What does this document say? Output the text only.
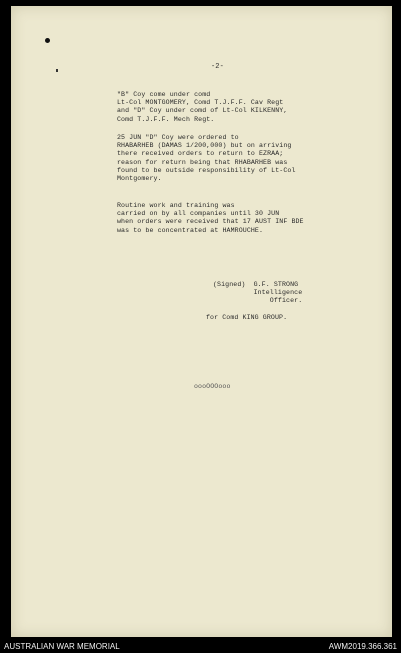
-2-
"B" Coy come under comd
Lt-Col MONTGOMERY, Comd T.J.F.F. Cav Regt
and "D" Coy under comd of Lt-Col KILKENNY,
Comd T.J.F.F. Mech Regt.
25 JUN "D" Coy were ordered to
RHABARHEB (DAMAS 1/200,000) but on arriving
there received orders to return to EZRAA;
reason for return being that RHABARHEB was
found to be outside responsibility of Lt-Col
Montgomery.
Routine work and training was
carried on by all companies until 30 JUN
when orders were received that 17 AUST INF BDE
was to be concentrated at HAMROUCHE.
(Signed)  G.F. STRONG
Intelligence
Officer.
for Comd KING GROUP.
oooOOOooo
AUSTRALIAN WAR MEMORIAL	AWM2019.366.361
